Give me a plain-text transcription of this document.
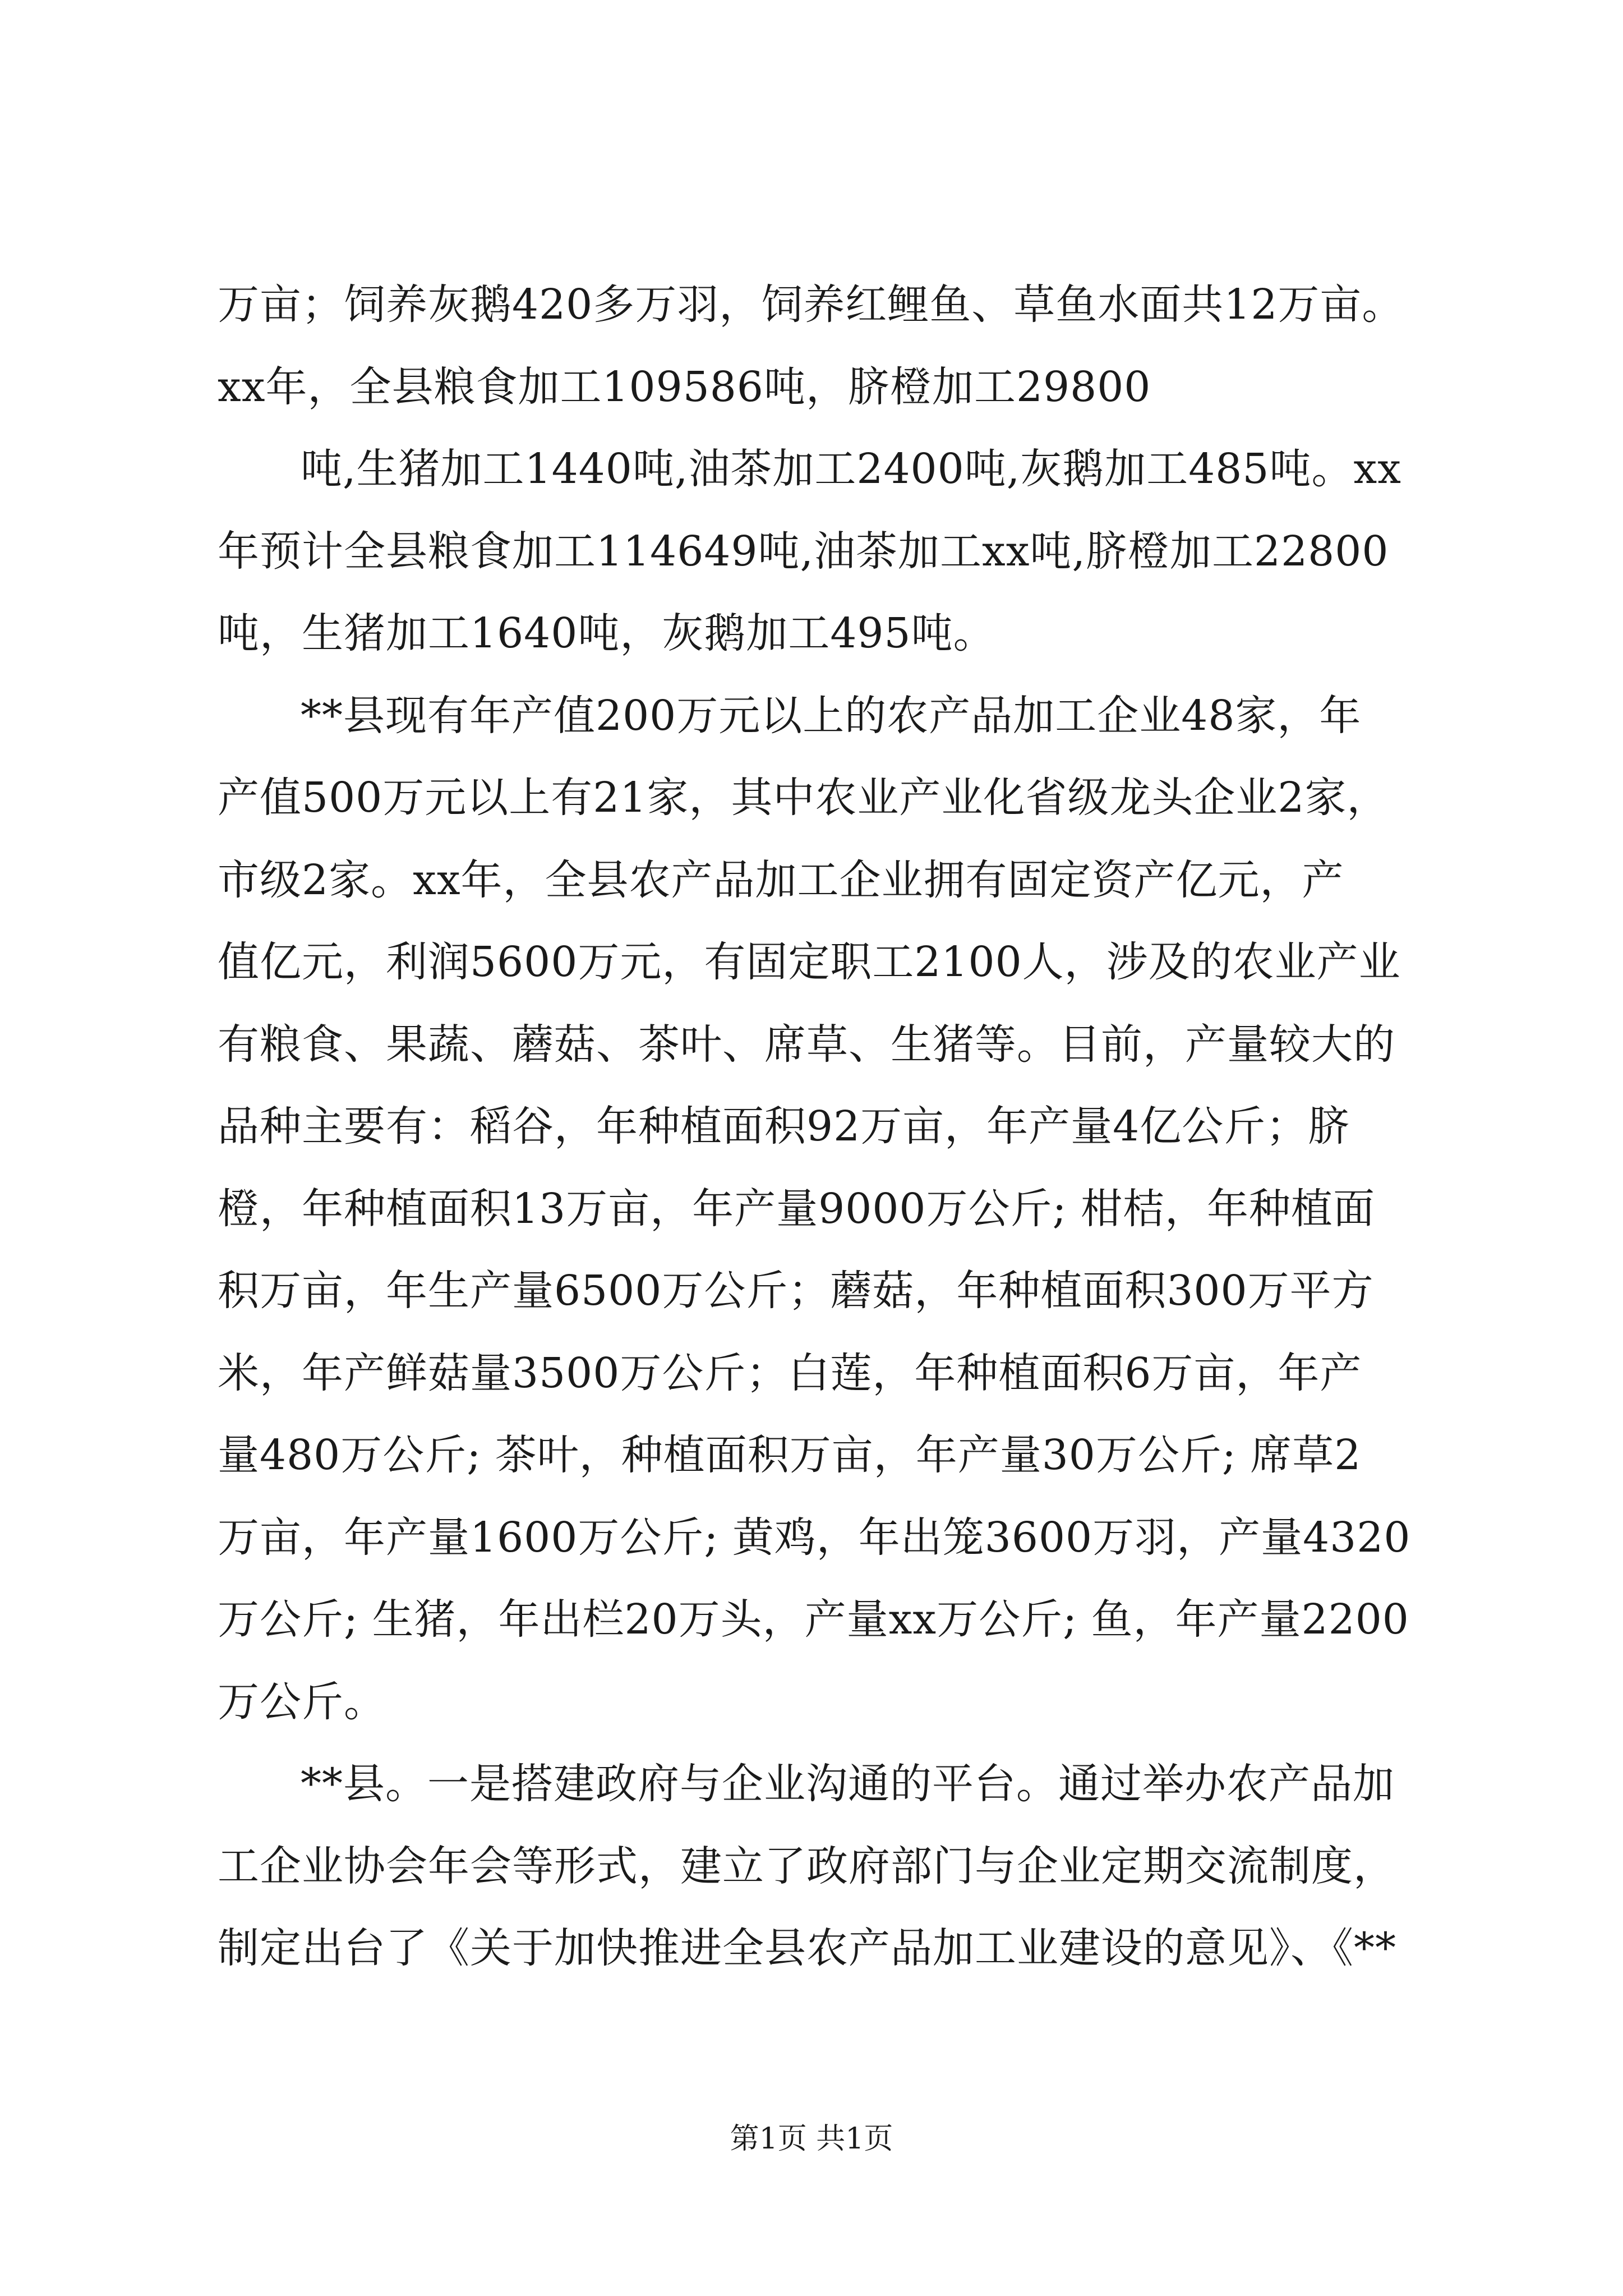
万亩；饲养灰鹅420多万羽，饲养红鲤鱼、草鱼水面共12万亩。
xx年，全县粮食加工109586吨，脐橙加工29800

吨,生猪加工1440吨,油茶加工2400吨,灰鹅加工485吨。xx
年预计全县粮食加工114649吨,油茶加工xx吨,脐橙加工22800
吨，生猪加工1640吨，灰鹅加工495吨。

**县现有年产值200万元以上的农产品加工企业48家，年
产值500万元以上有21家，其中农业产业化省级龙头企业2家，
市级2家。xx年，全县农产品加工企业拥有固定资产亿元，产
值亿元，利润5600万元，有固定职工2100人，涉及的农业产业
有粮食、果蔬、蘑菇、茶叶、席草、生猪等。目前，产量较大的
品种主要有：稻谷，年种植面积92万亩，年产量4亿公斤；脐
橙，年种植面积13万亩，年产量9000万公斤; 柑桔，年种植面
积万亩，年生产量6500万公斤；蘑菇，年种植面积300万平方
米，年产鲜菇量3500万公斤；白莲，年种植面积6万亩，年产
量480万公斤; 茶叶，种植面积万亩，年产量30万公斤; 席草2
万亩，年产量1600万公斤; 黄鸡，年出笼3600万羽，产量4320
万公斤; 生猪，年出栏20万头，产量xx万公斤; 鱼，年产量2200
万公斤。

**县。一是搭建政府与企业沟通的平台。通过举办农产品加
工企业协会年会等形式，建立了政府部门与企业定期交流制度，
制定出台了《关于加快推进全县农产品加工业建设的意见》、《**

第1页 共1页
